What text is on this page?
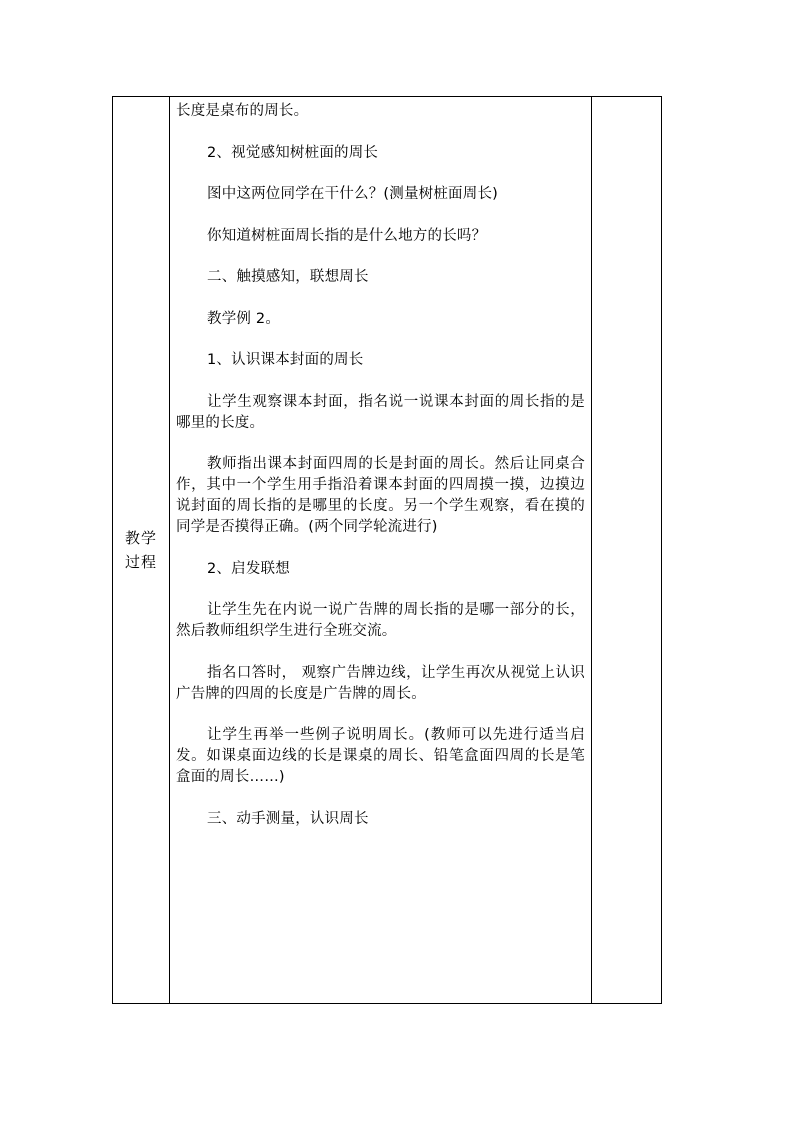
教学
过程	

长度是桌布的周长。

2、视觉感知树桩面的周长

图中这两位同学在干什么？(测量树桩面周长)

你知道树桩面周长指的是什么地方的长吗？

二、触摸感知，联想周长

教学例 2。

1、认识课本封面的周长

让学生观察课本封面，指名说一说课本封面的周长指的是哪里的长度。

教师指出课本封面四周的长是封面的周长。然后让同桌合作，其中一个学生用手指沿着课本封面的四周摸一摸，边摸边说封面的周长指的是哪里的长度。另一个学生观察，看在摸的同学是否摸得正确。(两个同学轮流进行)

2、启发联想

让学生先在内说一说广告牌的周长指的是哪一部分的长，然后教师组织学生进行全班交流。

指名口答时， 观察广告牌边线，让学生再次从视觉上认识广告牌的四周的长度是广告牌的周长。

让学生再举一些例子说明周长。(教师可以先进行适当启发。如课桌面边线的长是课桌的周长、铅笔盒面四周的长是笔盒面的周长……)

三、动手测量，认识周长
